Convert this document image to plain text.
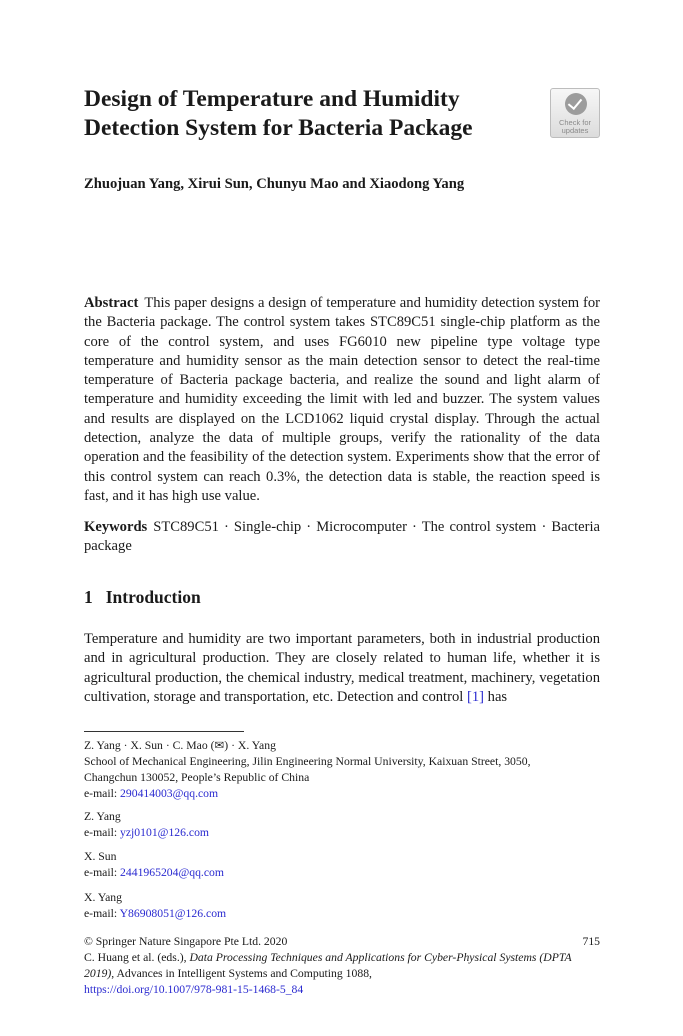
Design of Temperature and Humidity
Detection System for Bacteria Package	Check for
updates
Zhuojuan Yang, Xirui Sun, Chunyu Mao and Xiaodong Yang
Abstract This paper designs a design of temperature and humidity detection system for the Bacteria package. The control system takes STC89C51 single-chip platform as the core of the control system, and uses FG6010 new pipeline type voltage type temperature and humidity sensor as the main detection sensor to detect the real-time temperature of Bacteria package bacteria, and realize the sound and light alarm of temperature and humidity exceeding the limit with led and buzzer. The system values and results are displayed on the LCD1062 liquid crystal display. Through the actual detection, analyze the data of multiple groups, verify the rationality of the data operation and the feasibility of the detection system. Experiments show that the error of this control system can reach 0.3%, the detection data is stable, the reaction speed is fast, and it has high use value.
Keywords STC89C51 · Single-chip · Microcomputer · The control system · Bacteria package
1 Introduction
Temperature and humidity are two important parameters, both in industrial production and in agricultural production. They are closely related to human life, whether it is agricultural production, the chemical industry, medical treatment, machinery, vegetation cultivation, storage and transportation, etc. Detection and control [1] has
Z. Yang · X. Sun · C. Mao (✉) · X. Yang
School of Mechanical Engineering, Jilin Engineering Normal University, Kaixuan Street, 3050,
Changchun 130052, People’s Republic of China
e-mail: 290414003@qq.com
Z. Yang
e-mail: yzj0101@126.com
X. Sun
e-mail: 2441965204@qq.com
X. Yang
e-mail: Y86908051@126.com
715
© Springer Nature Singapore Pte Ltd. 2020
C. Huang et al. (eds.), Data Processing Techniques and Applications for Cyber-Physical Systems (DPTA 2019), Advances in Intelligent Systems and Computing 1088,
https://doi.org/10.1007/978-981-15-1468-5_84
